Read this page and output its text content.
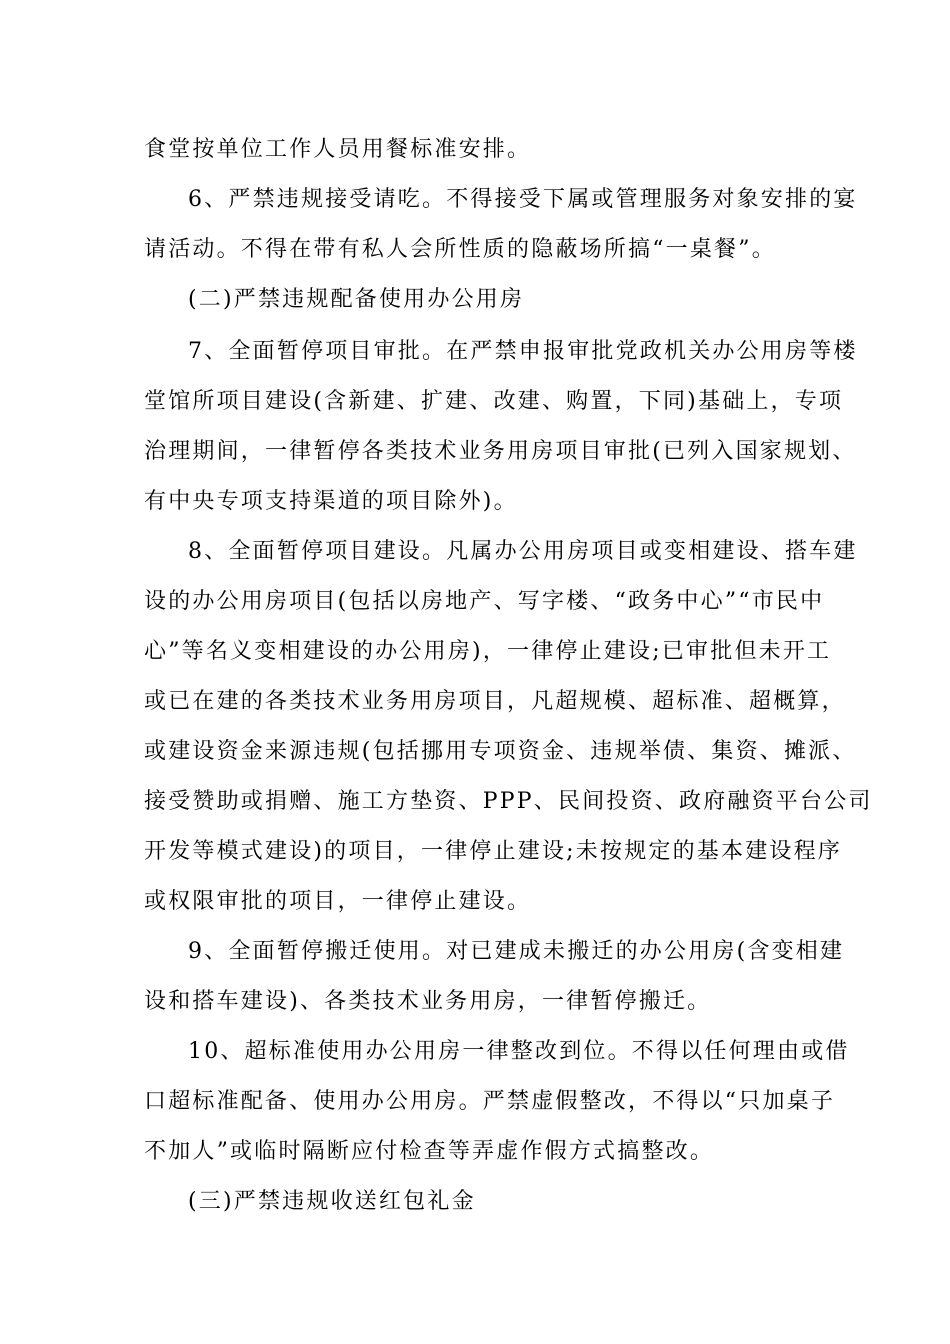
食堂按单位工作人员用餐标准安排。
6、严禁违规接受请吃。不得接受下属或管理服务对象安排的宴
请活动。不得在带有私人会所性质的隐蔽场所搞“一桌餐”。
(二)严禁违规配备使用办公用房
7、全面暂停项目审批。在严禁申报审批党政机关办公用房等楼
堂馆所项目建设(含新建、扩建、改建、购置，下同)基础上，专项
治理期间，一律暂停各类技术业务用房项目审批(已列入国家规划、
有中央专项支持渠道的项目除外)。
8、全面暂停项目建设。凡属办公用房项目或变相建设、搭车建
设的办公用房项目(包括以房地产、写字楼、“政务中心”“市民中
心”等名义变相建设的办公用房)，一律停止建设;已审批但未开工
或已在建的各类技术业务用房项目，凡超规模、超标准、超概算，
或建设资金来源违规(包括挪用专项资金、违规举债、集资、摊派、
接受赞助或捐赠、施工方垫资、PPP、民间投资、政府融资平台公司
开发等模式建设)的项目，一律停止建设;未按规定的基本建设程序
或权限审批的项目，一律停止建设。
9、全面暂停搬迁使用。对已建成未搬迁的办公用房(含变相建
设和搭车建设)、各类技术业务用房，一律暂停搬迁。
10、超标准使用办公用房一律整改到位。不得以任何理由或借
口超标准配备、使用办公用房。严禁虚假整改，不得以“只加桌子
不加人”或临时隔断应付检查等弄虚作假方式搞整改。
(三)严禁违规收送红包礼金
